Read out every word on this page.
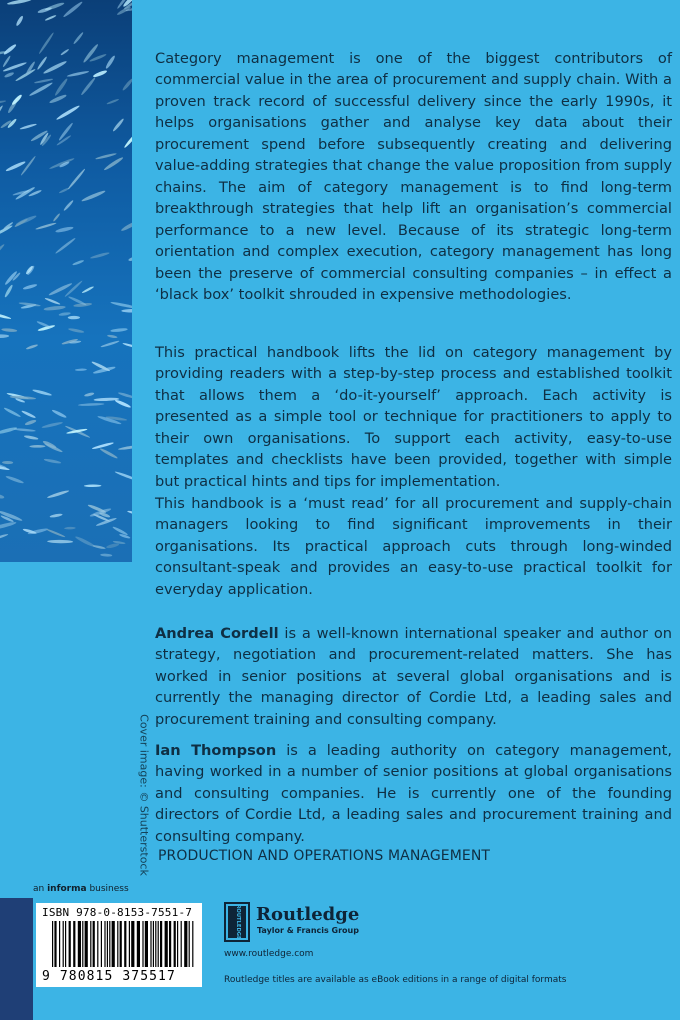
Category management is one of the biggest contributors of commercial value in the area of procurement and supply chain. With a proven track record of successful delivery since the early 1990s, it helps organisations gather and analyse key data about their procurement spend before subsequently creating and delivering value-adding strategies that change the value proposition from supply chains. The aim of category management is to find long-term breakthrough strategies that help lift an organisation’s commercial performance to a new level. Because of its strategic long-term orientation and complex execution, category management has long been the preserve of commercial consulting companies – in effect a ‘black box’ toolkit shrouded in expensive methodologies.

This practical handbook lifts the lid on category management by providing readers with a step-by-step process and established toolkit that allows them a ‘do-it-yourself’ approach. Each activity is presented as a simple tool or technique for practitioners to apply to their own organisations. To support each activity, easy-to-use templates and checklists have been provided, together with simple but practical hints and tips for implementation.

This handbook is a ‘must read’ for all procurement and supply-chain managers looking to find significant improvements in their organisations. Its practical approach cuts through long-winded consultant-speak and provides an easy-to-use practical toolkit for everyday application.

Andrea Cordell is a well-known international speaker and author on strategy, negotiation and procurement-related matters. She has worked in senior positions at several global organisations and is currently the managing director of Cordie Ltd, a leading sales and procurement training and consulting company.

Ian Thompson is a leading authority on category management, having worked in a number of senior positions at global organisations and consulting companies. He is currently one of the founding directors of Cordie Ltd, a leading sales and procurement training and consulting company.

Cover image: © Shutterstock PRODUCTION AND OPERATIONS MANAGEMENT
an informa business
ISBN 978-0-8153-7551-7
9 780815 375517
ROUTLEDGE Routledge
Taylor & Francis Group
www.routledge.com
Routledge titles are available as eBook editions in a range of digital formats
